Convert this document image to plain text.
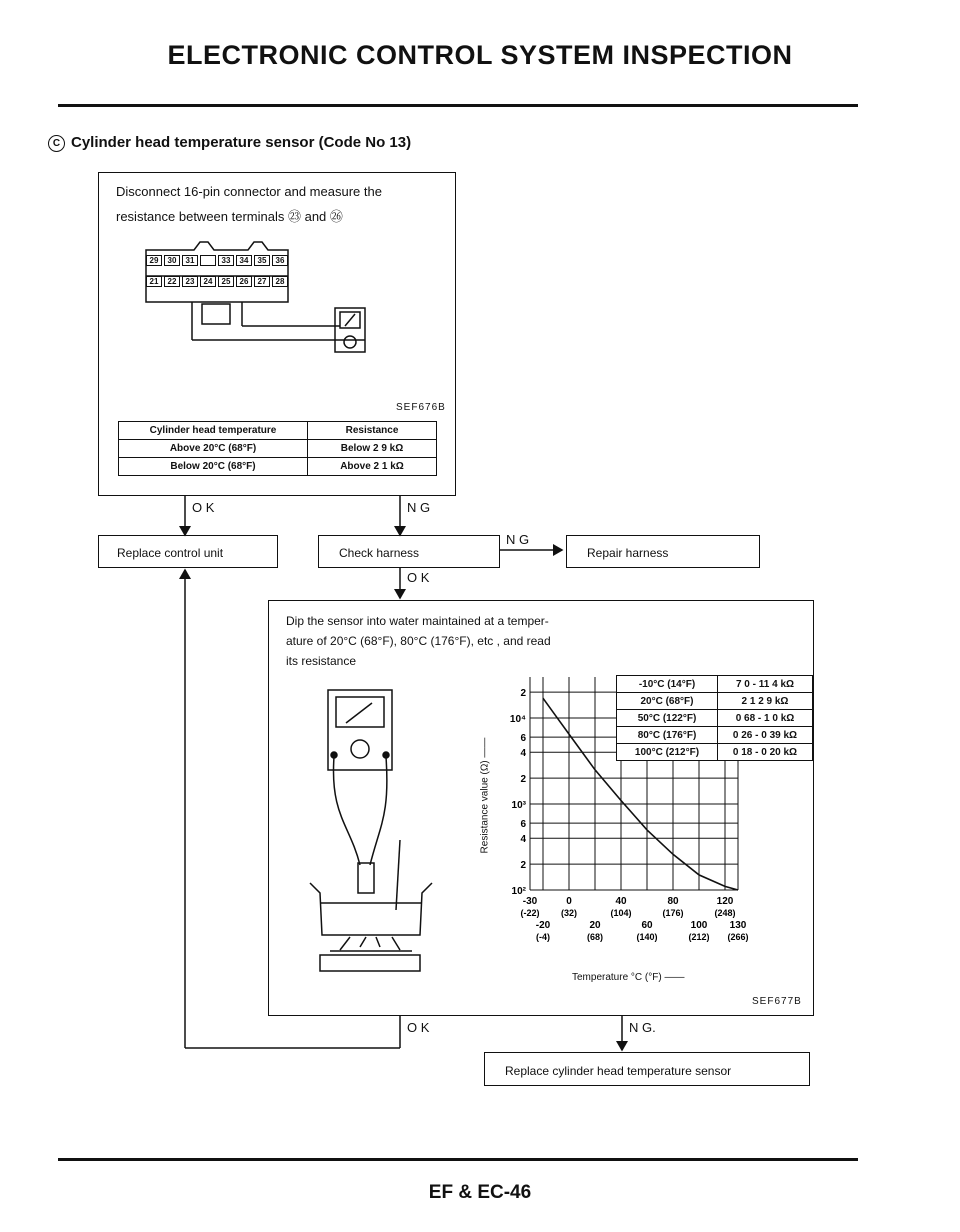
ELECTRONIC CONTROL SYSTEM INSPECTION
C Cylinder head temperature sensor (Code No 13)
Disconnect 16-pin connector and measure the
resistance between terminals ㉓ and ㉖
29	30	31	33	34	35	36
21	22	23	24	25	26	27	28
SEF676B
Cylinder head temperature	Resistance
Above 20°C (68°F)	Below 2 9 kΩ
Below 20°C (68°F)	Above 2 1 kΩ
O K	N G
Replace control unit	Check harness
N G
Repair harness
O K
Dip the sensor into water maintained at a temper-
ature of 20°C (68°F), 80°C (176°F), etc , and read
its resistance
2
10⁴
6
4
2
10³
6
4
2
10²
-30
(-22)
0
(32)
40
(104)
80
(176)
120
(248)
-20
(-4)
20
(68)
60
(140)
100
(212)
130
(266)
Resistance value (Ω) ——
-10°C (14°F)	7 0 - 11 4 kΩ
20°C (68°F)	2 1 2 9 kΩ
50°C (122°F)	0 68 - 1 0 kΩ
80°C (176°F)	0 26 - 0 39 kΩ
100°C (212°F)	0 18 - 0 20 kΩ
Temperature °C (°F) ——
SEF677B
O K	N G.
Replace cylinder head temperature sensor
EF & EC-46
